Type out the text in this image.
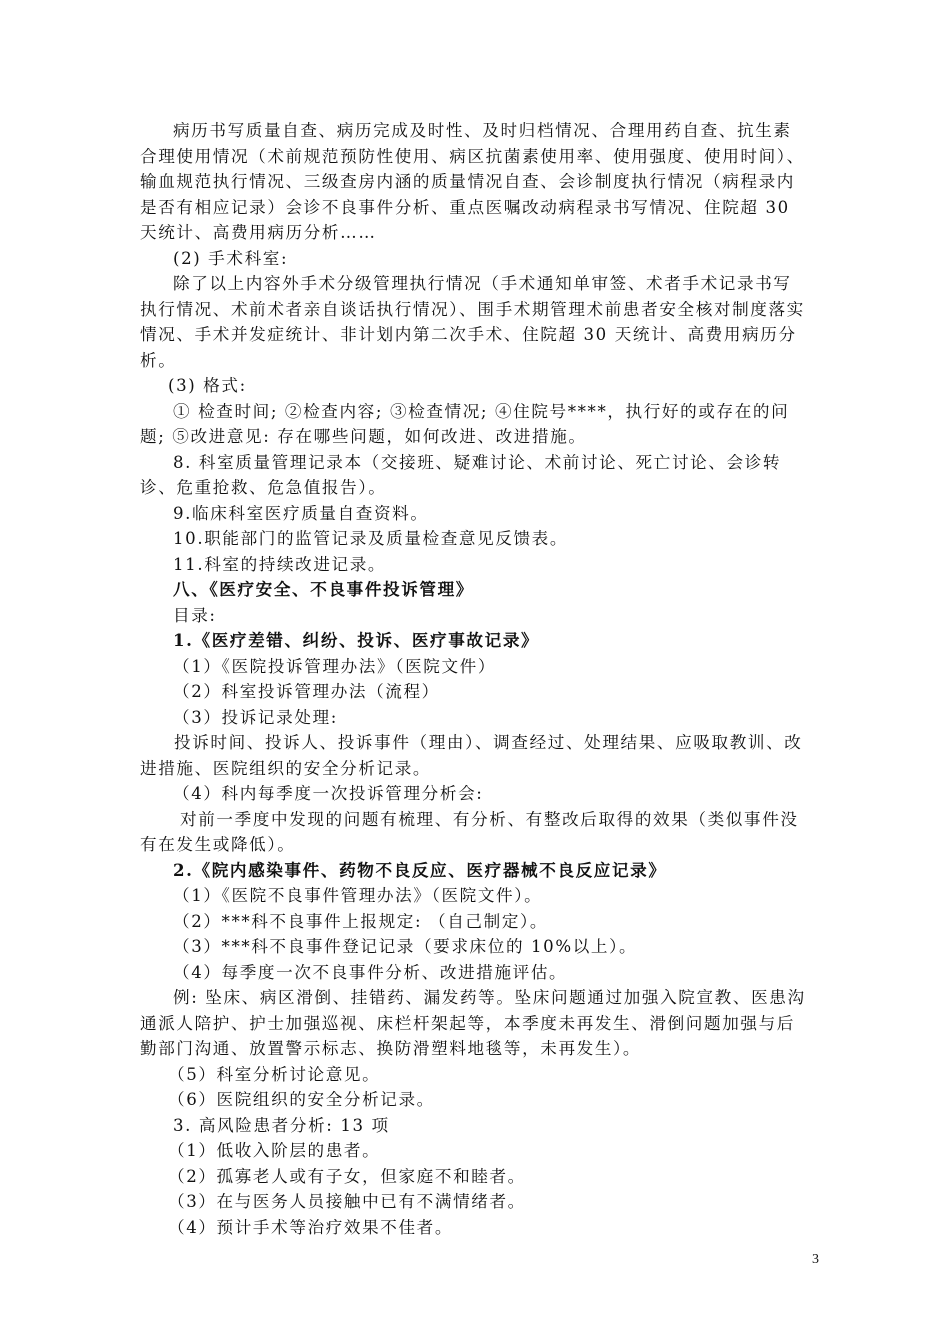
病历书写质量自查、病历完成及时性、及时归档情况、合理用药自查、抗生素合理使用情况（术前规范预防性使用、病区抗菌素使用率、使用强度、使用时间）、输血规范执行情况、三级查房内涵的质量情况自查、会诊制度执行情况（病程录内是否有相应记录）会诊不良事件分析、重点医嘱改动病程录书写情况、住院超 30 天统计、高费用病历分析……

(2) 手术科室:

除了以上内容外手术分级管理执行情况（手术通知单审签、术者手术记录书写执行情况、术前术者亲自谈话执行情况）、围手术期管理术前患者安全核对制度落实情况、手术并发症统计、非计划内第二次手术、住院超 30 天统计、高费用病历分析。

(3) 格式:

① 检查时间; ②检查内容; ③检查情况; ④住院号****，执行好的或存在的问题; ⑤改进意见: 存在哪些问题，如何改进、改进措施。

8. 科室质量管理记录本（交接班、疑难讨论、术前讨论、死亡讨论、会诊转诊、危重抢救、危急值报告）。

9.临床科室医疗质量自查资料。

10.职能部门的监管记录及质量检查意见反馈表。

11.科室的持续改进记录。

八、《医疗安全、不良事件投诉管理》

目录:

1.《医疗差错、纠纷、投诉、医疗事故记录》

（1）《医院投诉管理办法》（医院文件）

（2）科室投诉管理办法（流程）

（3）投诉记录处理:

投诉时间、投诉人、投诉事件（理由）、调查经过、处理结果、应吸取教训、改进措施、医院组织的安全分析记录。

（4）科内每季度一次投诉管理分析会:

对前一季度中发现的问题有梳理、有分析、有整改后取得的效果（类似事件没有在发生或降低）。

2.《院内感染事件、药物不良反应、医疗器械不良反应记录》

（1）《医院不良事件管理办法》（医院文件）。

（2）***科不良事件上报规定: （自己制定）。

（3）***科不良事件登记记录（要求床位的 10%以上）。

（4）每季度一次不良事件分析、改进措施评估。

例: 坠床、病区滑倒、挂错药、漏发药等。坠床问题通过加强入院宣教、医患沟通派人陪护、护士加强巡视、床栏杆架起等，本季度未再发生、滑倒问题加强与后勤部门沟通、放置警示标志、换防滑塑料地毯等，未再发生）。

（5）科室分析讨论意见。

（6）医院组织的安全分析记录。

3. 高风险患者分析: 13 项

（1）低收入阶层的患者。

（2）孤寡老人或有子女，但家庭不和睦者。

（3）在与医务人员接触中已有不满情绪者。

（4）预计手术等治疗效果不佳者。

3
